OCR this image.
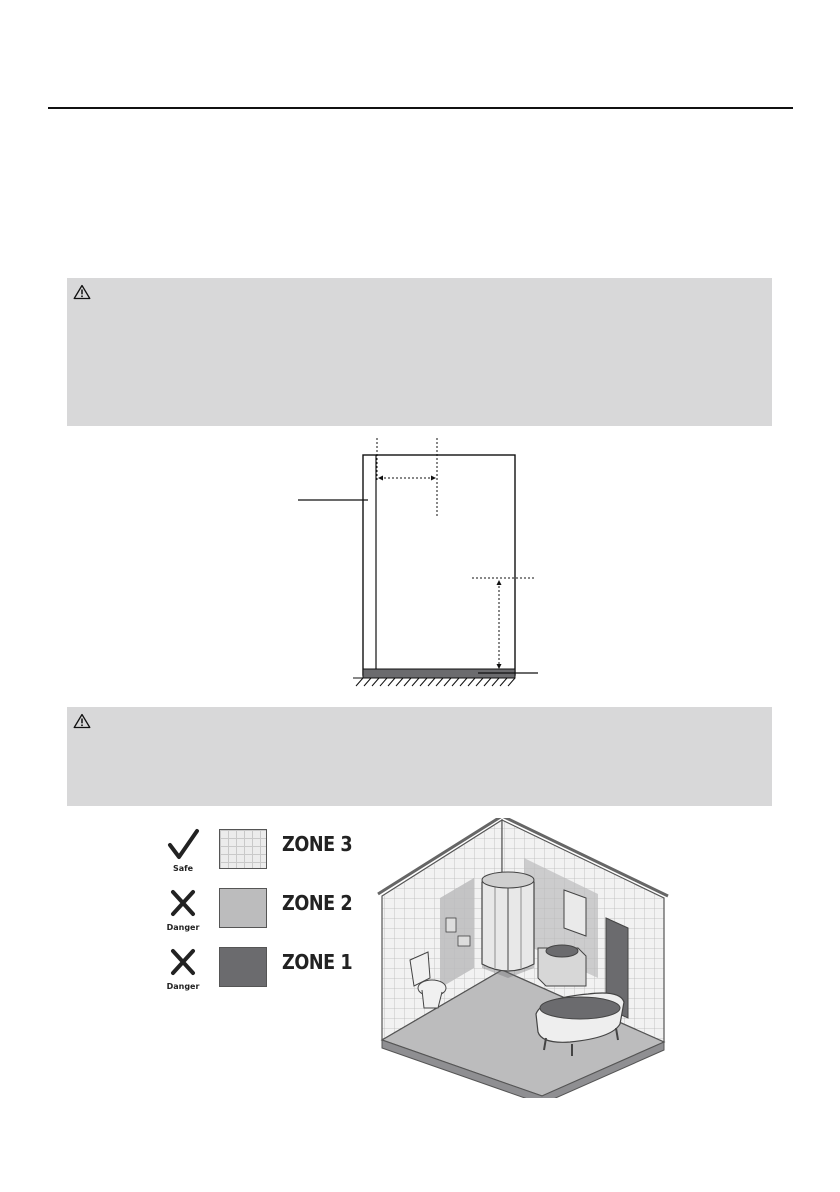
Safe
ZONE 3
Danger
ZONE 2
Danger
ZONE 1
